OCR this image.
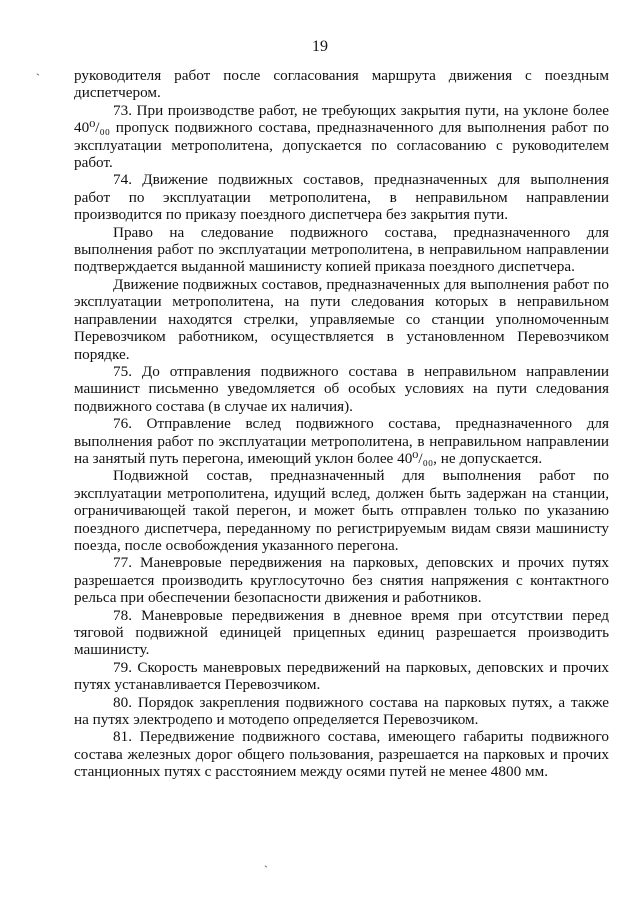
19
` руководителя работ после согласования маршрута движения с поездным диспетчером.

73. При производстве работ, не требующих закрытия пути, на уклоне более 40⁰/₀₀ пропуск подвижного состава, предназначенного для выполнения работ по эксплуатации метрополитена, допускается по согласованию с руководителем работ.

74. Движение подвижных составов, предназначенных для выполнения работ по эксплуатации метрополитена, в неправильном направлении производится по приказу поездного диспетчера без закрытия пути.

Право на следование подвижного состава, предназначенного для выполнения работ по эксплуатации метрополитена, в неправильном направлении подтверждается выданной машинисту копией приказа поездного диспетчера.

Движение подвижных составов, предназначенных для выполнения работ по эксплуатации метрополитена, на пути следования которых в неправильном направлении находятся стрелки, управляемые со станции уполномоченным Перевозчиком работником, осуществляется в установленном Перевозчиком порядке.

75. До отправления подвижного состава в неправильном направлении машинист письменно уведомляется об особых условиях на пути следования подвижного состава (в случае их наличия).

76. Отправление вслед подвижного состава, предназначенного для выполнения работ по эксплуатации метрополитена, в неправильном направлении на занятый путь перегона, имеющий уклон более 40⁰/₀₀, не допускается.

Подвижной состав, предназначенный для выполнения работ по эксплуатации метрополитена, идущий вслед, должен быть задержан на станции, ограничивающей такой перегон, и может быть отправлен только по указанию поездного диспетчера, переданному по регистрируемым видам связи машинисту поезда, после освобождения указанного перегона.

77. Маневровые передвижения на парковых, деповских и прочих путях разрешается производить круглосуточно без снятия напряжения с контактного рельса при обеспечении безопасности движения и работников.

78. Маневровые передвижения в дневное время при отсутствии перед тяговой подвижной единицей прицепных единиц разрешается производить машинисту.

79. Скорость маневровых передвижений на парковых, деповских и прочих путях устанавливается Перевозчиком.

80. Порядок закрепления подвижного состава на парковых путях, а также на путях электродепо и мотодепо определяется Перевозчиком.

81. Передвижение подвижного состава, имеющего габариты подвижного состава железных дорог общего пользования, разрешается на парковых и прочих станционных путях с расстоянием между осями путей не менее 4800 мм.

`
